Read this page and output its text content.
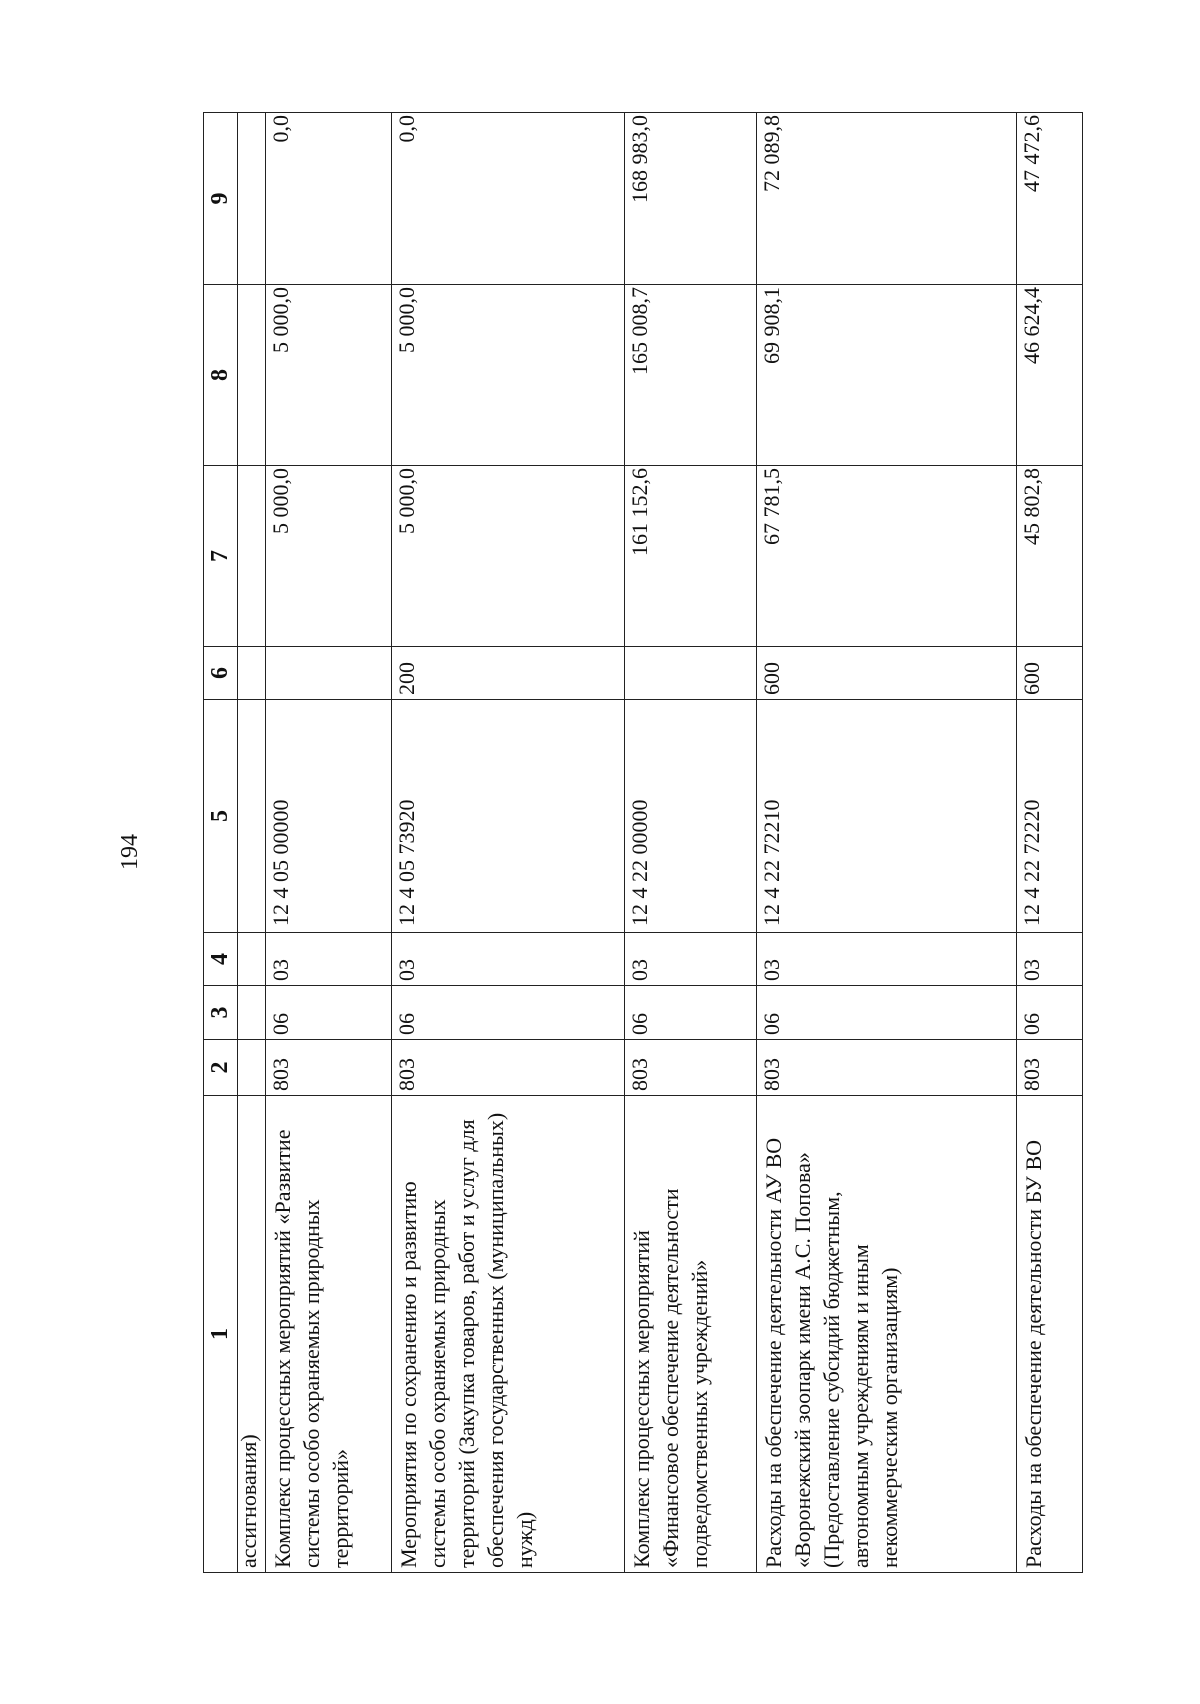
194
1	2	3	4	5	6	7	8	9
ассигнования)								
Комплекс процессных мероприятий «Развитие системы особо охраняемых природных территорий»	803	06	03	12 4 05 00000		5 000,0	5 000,0	0,0
Мероприятия по сохранению и развитию системы особо охраняемых природных территорий (Закупка товаров, работ и услуг для обеспечения государственных (муниципальных) нужд)	803	06	03	12 4 05 73920	200	5 000,0	5 000,0	0,0
Комплекс процессных мероприятий «Финансовое обеспечение деятельности подведомственных учреждений»	803	06	03	12 4 22 00000		161 152,6	165 008,7	168 983,0
Расходы на обеспечение деятельности АУ ВО «Воронежский зоопарк имени А.С. Попова» (Предоставление субсидий бюджетным, автономным учреждениям и иным некоммерческим организациям)	803	06	03	12 4 22 72210	600	67 781,5	69 908,1	72 089,8
Расходы на обеспечение деятельности БУ ВО	803	06	03	12 4 22 72220	600	45 802,8	46 624,4	47 472,6
